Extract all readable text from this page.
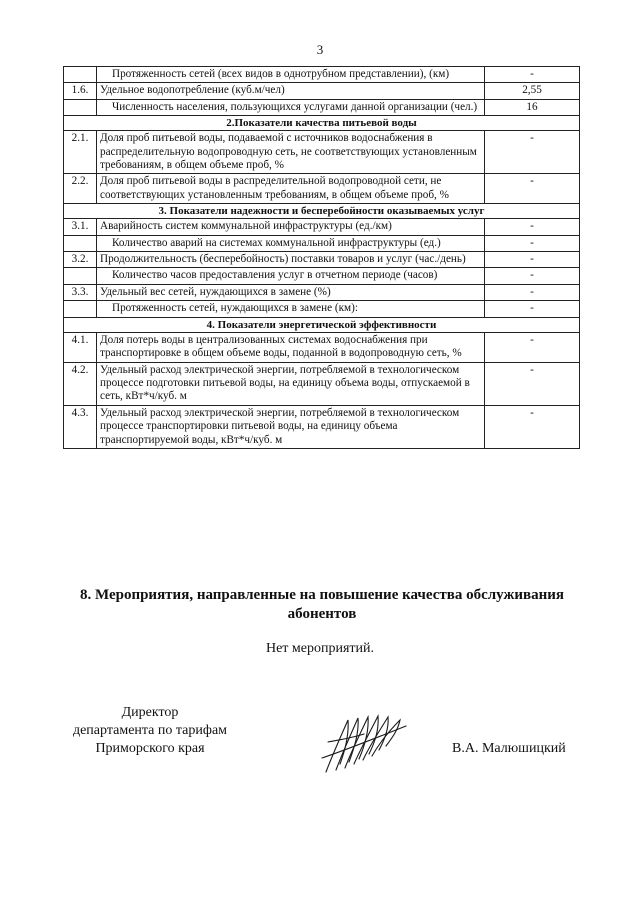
3
	Протяженность сетей (всех видов в однотрубном представлении), (км)	-
1.6.	Удельное водопотребление (куб.м/чел)	2,55
	Численность населения, пользующихся услугами данной организации (чел.)	16
2.Показатели качества питьевой воды		
2.1.	Доля проб питьевой воды, подаваемой с источников водоснабжения в распределительную водопроводную сеть, не соответствующих установленным требованиям, в общем объеме проб, %	-
2.2.	Доля проб питьевой воды в распределительной водопроводной сети, не соответствующих установленным требованиям, в общем объеме проб, %	-
3. Показатели надежности и бесперебойности оказываемых услуг		
3.1.	Аварийность систем коммунальной инфраструктуры (ед./км)	-
	Количество аварий на системах коммунальной инфраструктуры (ед.)	-
3.2.	Продолжительность (бесперебойность) поставки товаров и услуг (час./день)	-
	Количество часов предоставления услуг в отчетном периоде (часов)	-
3.3.	Удельный вес сетей, нуждающихся в замене (%)	-
	Протяженность сетей, нуждающихся в замене (км):	-
4. Показатели энергетической эффективности		
4.1.	Доля потерь воды в централизованных системах водоснабжения при транспортировке в общем объеме воды, поданной в водопроводную сеть, %	-
4.2.	Удельный расход электрической энергии, потребляемой в технологическом процессе подготовки питьевой воды, на единицу объема воды, отпускаемой в сеть, кВт*ч/куб. м	-
4.3.	Удельный расход электрической энергии, потребляемой в технологическом процессе транспортировки питьевой воды, на единицу объема транспортируемой воды, кВт*ч/куб. м	-
8. Мероприятия, направленные на повышение качества обслуживания абонентов
Нет мероприятий.
Директор
департамента по тарифам
Приморского края	В.А. Малюшицкий
